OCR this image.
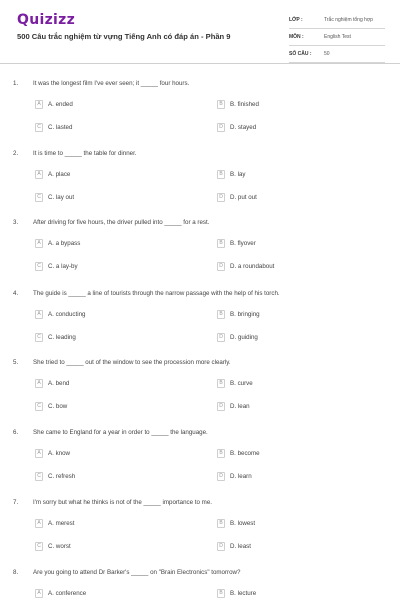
Quizizz
500 Câu trắc nghiệm từ vựng Tiếng Anh có đáp án - Phần 9
LỚP :	Trắc nghiệm tổng hợp
MÔN :	English Test
SỐ CÂU :	50
1. It was the longest film I've ever seen; it _____ four hours.
A	A. ended	B	B. finished
C	C. lasted	D	D. stayed
2. It is time to _____ the table for dinner.
A	A. place	B	B. lay
C	C. lay out	D	D. put out
3. After driving for five hours, the driver pulled into _____ for a rest.
A	A. a bypass	B	B. flyover
C	C. a lay-by	D	D. a roundabout
4. The guide is _____ a line of tourists through the narrow passage with the help of his torch.
A	A. conducting	B	B. bringing
C	C. leading	D	D. guiding
5. She tried to _____ out of the window to see the procession more clearly.
A	A. bend	B	B. curve
C	C. bow	D	D. lean
6. She came to England for a year in order to _____ the language.
A	A. know	B	B. become
C	C. refresh	D	D. learn
7. I'm sorry but what he thinks is not of the _____ importance to me.
A	A. merest	B	B. lowest
C	C. worst	D	D. least
8. Are you going to attend Dr Barker's _____ on "Brain Electronics" tomorrow?
A	A. conference	B	B. lecture
